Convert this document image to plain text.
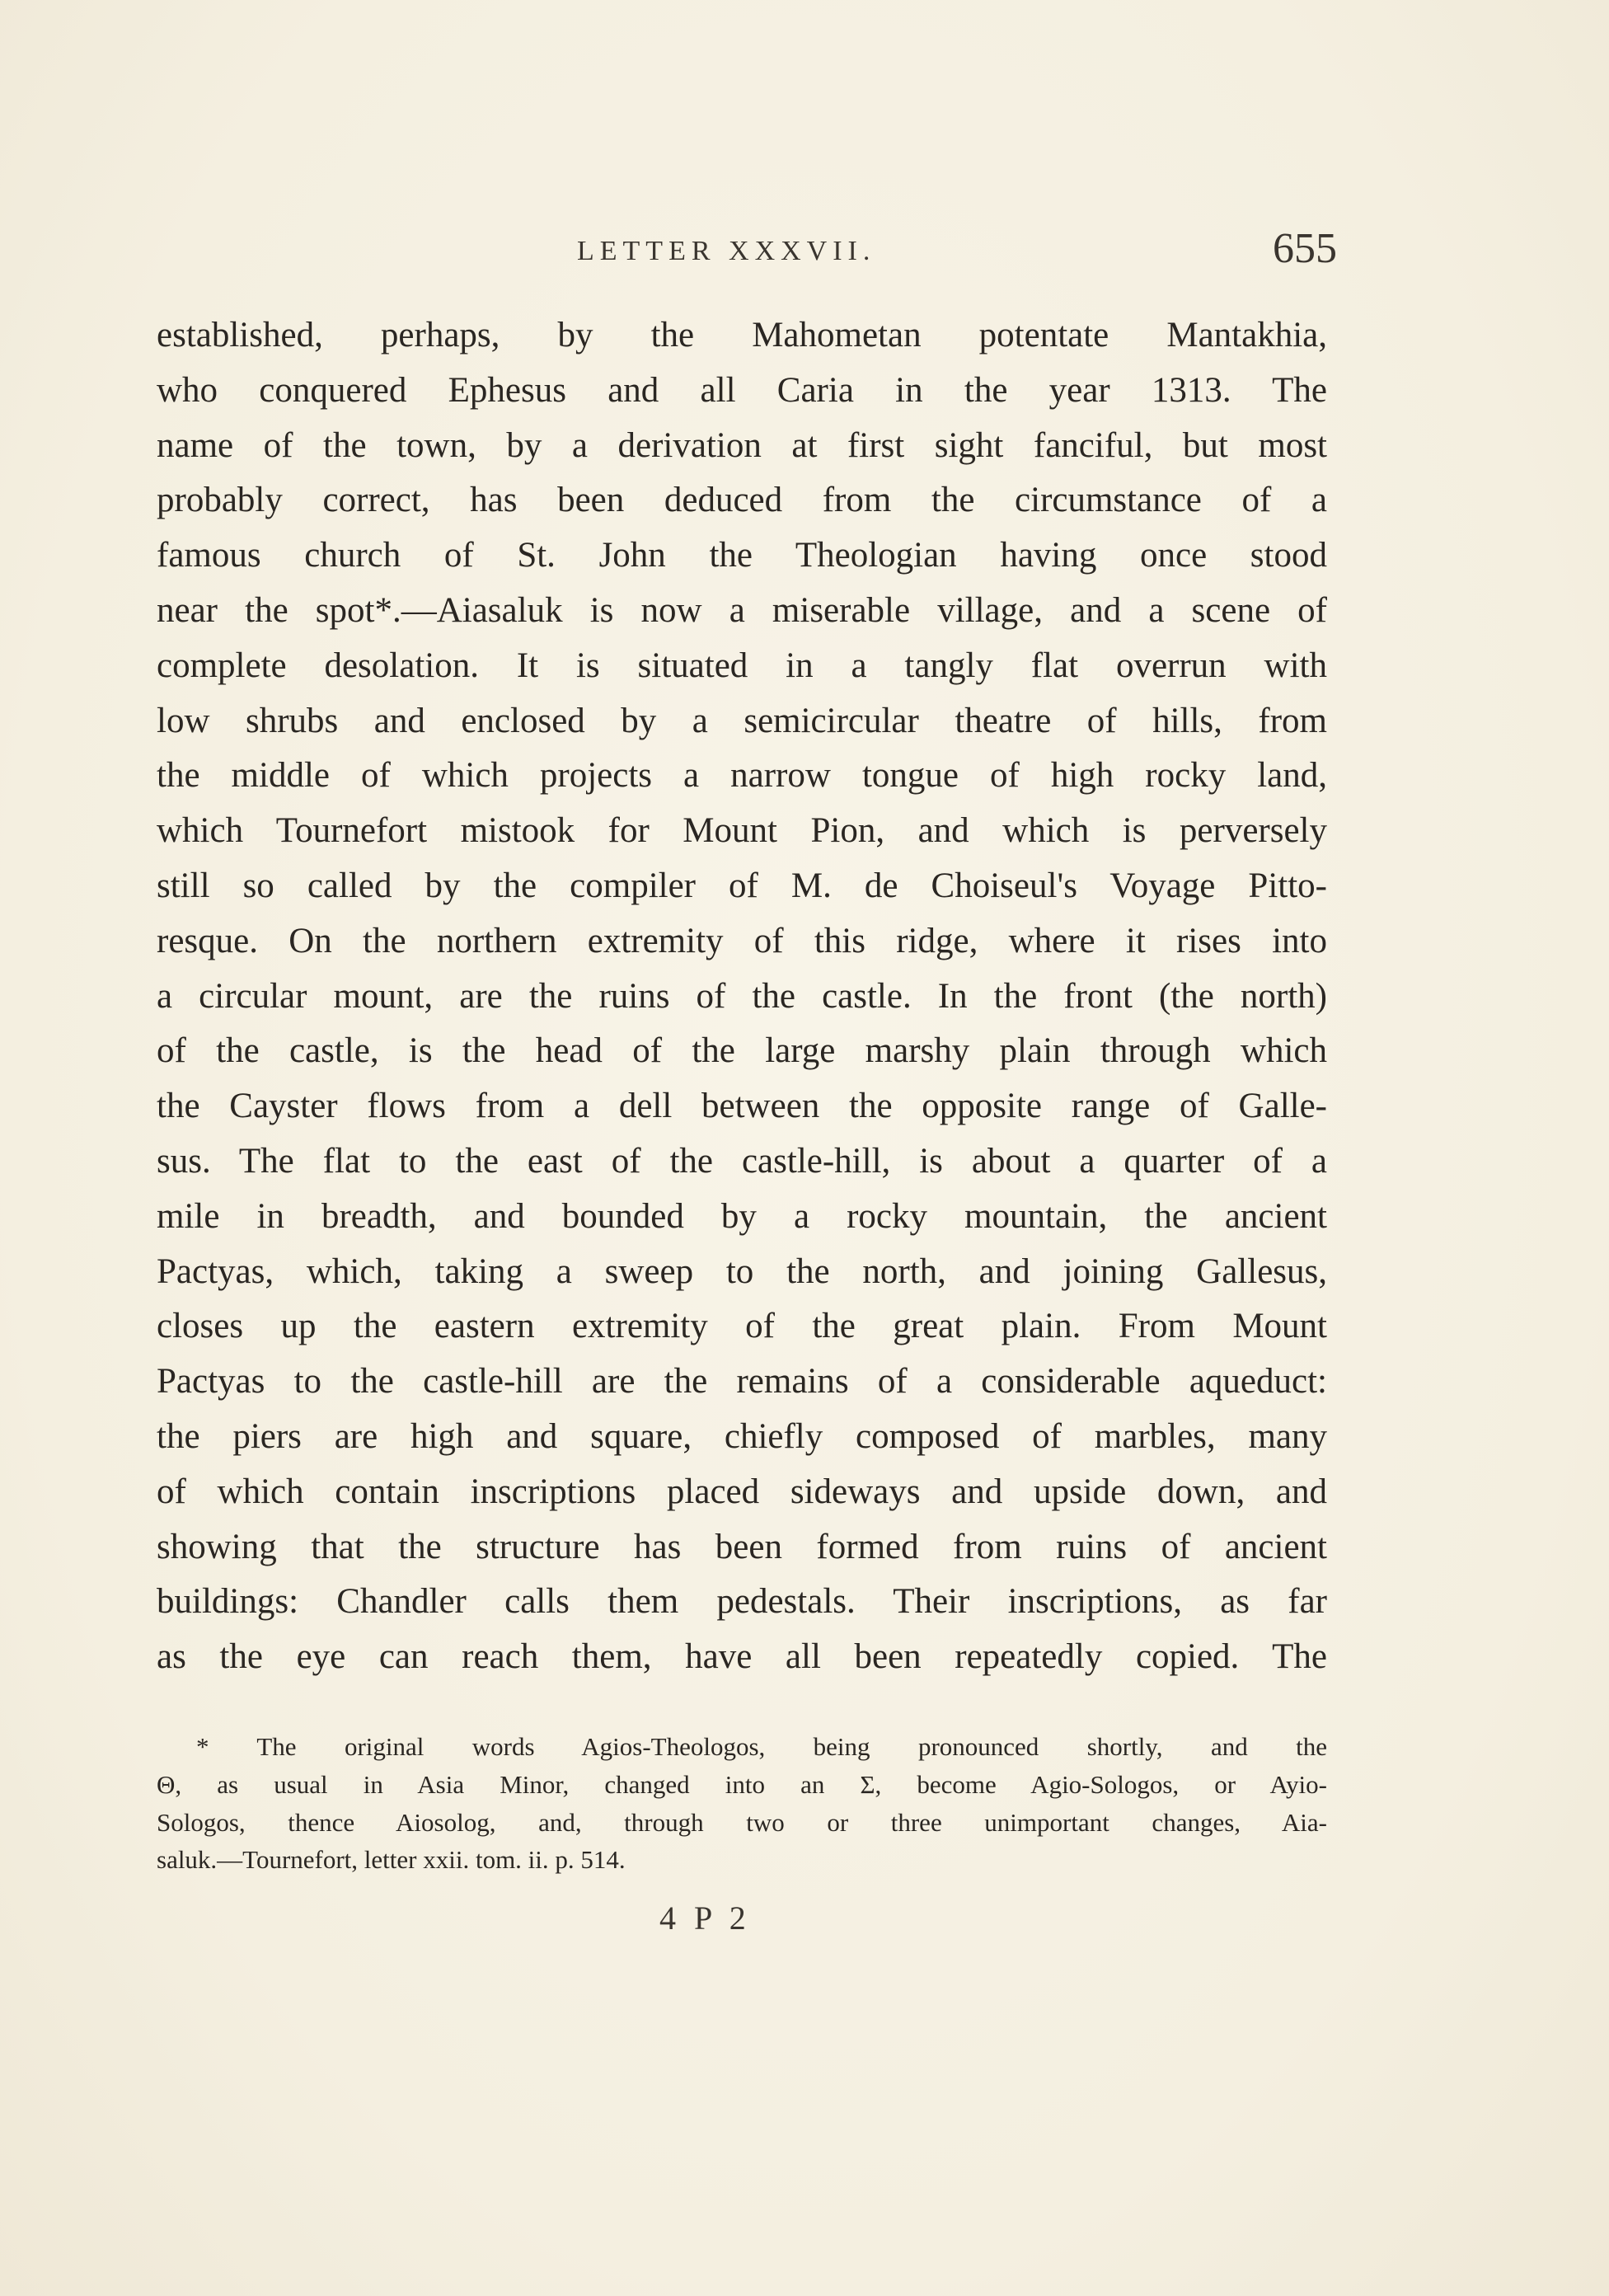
LETTER XXXVII.	655
established, perhaps, by the Mahometan potentate Mantakhia,
who conquered Ephesus and all Caria in the year 1313. The
name of the town, by a derivation at first sight fanciful, but most
probably correct, has been deduced from the circumstance of a
famous church of St. John the Theologian having once stood
near the spot*.—Aiasaluk is now a miserable village, and a scene of
complete desolation. It is situated in a tangly flat overrun with
low shrubs and enclosed by a semicircular theatre of hills, from
the middle of which projects a narrow tongue of high rocky land,
which Tournefort mistook for Mount Pion, and which is perversely
still so called by the compiler of M. de Choiseul's Voyage Pitto-
resque. On the northern extremity of this ridge, where it rises into
a circular mount, are the ruins of the castle. In the front (the north)
of the castle, is the head of the large marshy plain through which
the Cayster flows from a dell between the opposite range of Galle-
sus. The flat to the east of the castle-hill, is about a quarter of a
mile in breadth, and bounded by a rocky mountain, the ancient
Pactyas, which, taking a sweep to the north, and joining Gallesus,
closes up the eastern extremity of the great plain. From Mount
Pactyas to the castle-hill are the remains of a considerable aqueduct:
the piers are high and square, chiefly composed of marbles, many
of which contain inscriptions placed sideways and upside down, and
showing that the structure has been formed from ruins of ancient
buildings: Chandler calls them pedestals. Their inscriptions, as far
as the eye can reach them, have all been repeatedly copied. The
* The original words Agios-Theologos, being pronounced shortly, and the
Θ, as usual in Asia Minor, changed into an Σ, become Agio-Sologos, or Ayio-
Sologos, thence Aiosolog, and, through two or three unimportant changes, Aia-
saluk.—Tournefort, letter xxii. tom. ii. p. 514.
4 P 2
